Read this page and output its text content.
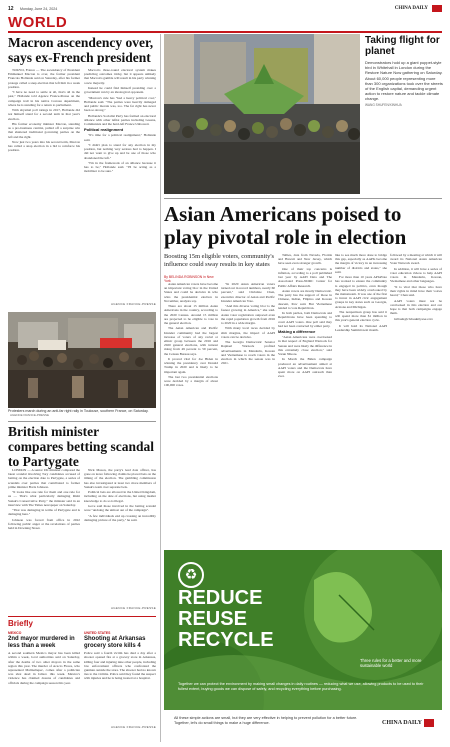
12 Monday, June 24, 2024	CHINA DAILY
WORLD
Macron ascendency over, says ex-French president

TOKYO, France — The ascendancy of President Emmanuel Macron is over, the former president Francois Hollande said on Saturday, after his former protege called a snap election that left him in a weak position.

"I have no need to settle at all, that's all in the past," Hollande told Agence France-Presse on the campaign trail in his native Correze department, where he is standing for a return to parliament.

With abysmal poll ratings in 2017, Hollande did not himself stand for a second term in that year's election.

His former economy minister Macron, standing as a pro-business centrist, pulled off a surprise win that shattered traditional governing parties on the left and the right.

Now just two years into his second term, Macron has called a snap election in a bid to reinforce his position.

Macron's three-round electoral system makes predicting outcomes tricky, but it appears unlikely that Macron's gamble will result in his party winning a new majority.

Instead he could find himself presiding over a government run by an ideological opponent.

"Macron's rule has "had a heavy political cost," Hollande said. "The parties were heavily damaged and public morale was, too. The far right has never been so strong."

Hollande's Socialist Party has formed an electoral alliance with other leftist parties including Greens, Communists and the hard-left France Unbowed.

Political realignment

"It's time for a political realignment," Hollande said.

"I didn't plan to stand for any election in my position, but nothing very serious had to happen. I did not want to give up and be one of those who abandoned the left."

"I'm in the framework of an alliance because it has to be," Hollande said. "I'll be acting as a mobilizer to be sure."

AGENCE FRANCE-PRESSE
Protesters march during an anti-far right rally in Toulouse, southern France, on Saturday. AGENCE FRANCE-PRESSE
British minister compares betting scandal to Partygate

LONDON — A senior UK minister compared the latest scandal involving Tory candidates accused of betting on the election date to Partygate, a series of scandals over parties that contributed to former prime minister Boris Johnson.

"It looks like one rule for them and one rule for us — That's what particularly damaging Rishi Sunak's Conservative Party," the minister said in an interview with The Times newspaper on Saturday.

"That was damaging in terms of Partygate and is damaging here."

Johnson was forced from office in 2022 following public anger at the revelations of parties held in Downing Street.

Nick Mason, the party's lead data officer, has gone on leave following claims he placed bets on the timing of the election. The gambling commission has also investigated at least two more members of Sunak's team over separate bets.

Political bets are allowed in the United Kingdom, including on the date of elections, but using insider knowledge to do so is illegal.

Gove said those involved in the betting scandal were "undoing the utmost out of the campaign".

"A few individuals end up crossing an incredibly damaging picture of the party," he said.

AGENCE FRANCE-PRESSE
Briefly
MEXICO
2nd mayor murdered in less than a week
A second southern Mexico mayor has been killed within a week, local authorities said on Saturday, after the deaths of two other mayors in the same region this year. The murder of Acacio Flores, who represented Malinaltepec, comes after a politician was shot dead in Jalisco this week. Mexico's violence has claimed dozens of candidates and officials during the campaign season this year.
UNITED STATES
Shooting at Arkansas grocery store kills 4
Police said a fourth victim has died a day after a shooter opened fire at a grocery store in Arkansas, killing four and injuring nine other people, including law enforcement officers who confronted the gunman outside the store. The shooter had no known ties to the victims. Police said they found the suspect with injuries and he is being treated at a hospital.
AGENCE FRANCE-PRESSE
Taking flight for planet

Demonstrators hold up a giant puppet-style bird in Whitehall in London during the Restore Nature Now gathering on Saturday. About 60,000 people representing more than 300 organizations took over the streets of the English capital, demanding urgent action to restore nature and tackle climate change.

WANG SHUFEN/XINHUA

Asian Americans poised to play pivotal role in election
Boosting 15m eligible voters, community's influence could sway results in key states
By BELINDA ROBINSON in New York

Asian American voters have become an important voting bloc in the United States and could be decisive in who wins the presidential election in November, analysts say.

There are about 15 million Asian Americans in the country, according to the 2020 Census. Around 15 million are projected to be eligible to vote in the general election.

The Asian American and Pacific Islander community had the largest increase of voters of any racial or ethnic group between the 2016 and 2020 general elections, with turnout rising from 49 percent to 59 percent, the Census Bureau says.

It proved vital for Joe Biden in winning the presidency over Donald Trump in 2020 and is likely to be important again.

The last two presidential elections were decided by a margin of about 100,000 votes.

"In 2020 Asian American voters turned out in record numbers, nearly 60 percent," said Christine Chen, executive director of Asian and Pacific Islander American Vote.

"And this diverse voting bloc is the fastest growing in America," she said. Asian voter registration outpaced even the rapid population growth from 2016 to 2020 in a wide margin.

With many local races decided by slim margins, the impact of AAPI voters can be decisive.

The Georgia Democratic Senator Raphael Warnock profited advertisements in Mandarin, Korean and Vietnamese to reach voters in the election in which the senate was in 2021.

Tallies, data from Nevada, Florida and Hawaii and New Jersey, which have seen even stronger growth.

One of their top concerns is inflation, according to a poll published last year by AAPI Data and The Associated Press-NORC Center for Public Affairs Research.

Asian voters are mostly Democratic. The party has the support of those in Chinese, Indian, Filipino and Korean descent, Pew said. But Vietnamese tended to vote Republican.

In both parties, both Democrats and Republicans have been spending to court AAPI voters. One poll said they had not been contacted by either party.

Making a difference

"Asian Americans were overlooked in that respect of England Warnock for Senate and were likely the difference in this extremely close election," said Varun Nikore.

In March the Biden campaign produced an advertisement aimed at AAPI voters and the Democrats have spent more on AAPI outreach than ever.

like to see much more done to bridge this gap, especially as AAPIs become the margin of victory in an increasing number of districts and states," she said.

For more than 10 years APIAVote has worked to ensure the community is engaged in politics, even though they have been widely overlooked by the mainstream. It was one of the first to invest in AAPI civic engagement groups in key states such as Georgia, Arizona and Michigan.

The nonpartisan group has said it will spend more than $1 million in this year's general election cycle.

It will hold its National AAPI Leadership Summit next month.

followed by a meeting at which it will award its National Asian American Voter Network award.

In addition, it will have a series of voter education videos to help AAPI voters in Mandarin, Korean, Vietnamese and other languages.

"It is vital that those who have their rights in mind have their voices heard," Chen said.

AAPI voters must not be overlooked in this election and our hope is that both campaigns engage them.

belinda@chinadailyusa.com

♻
REDUCE
REUSE
RECYCLE
Three rules for a better and more sustainable world
Together we can protect the environment by making small changes in daily routines — reducing what we use, allowing products to be used to their fullest extent, buying goods we can dispose of safely, and recycling everything before purchasing.
All these simple actions are small, but they are very effective in helping to prevent pollution for a better future. Together, let's do small things to make a huge difference.	CHINA DAILY
